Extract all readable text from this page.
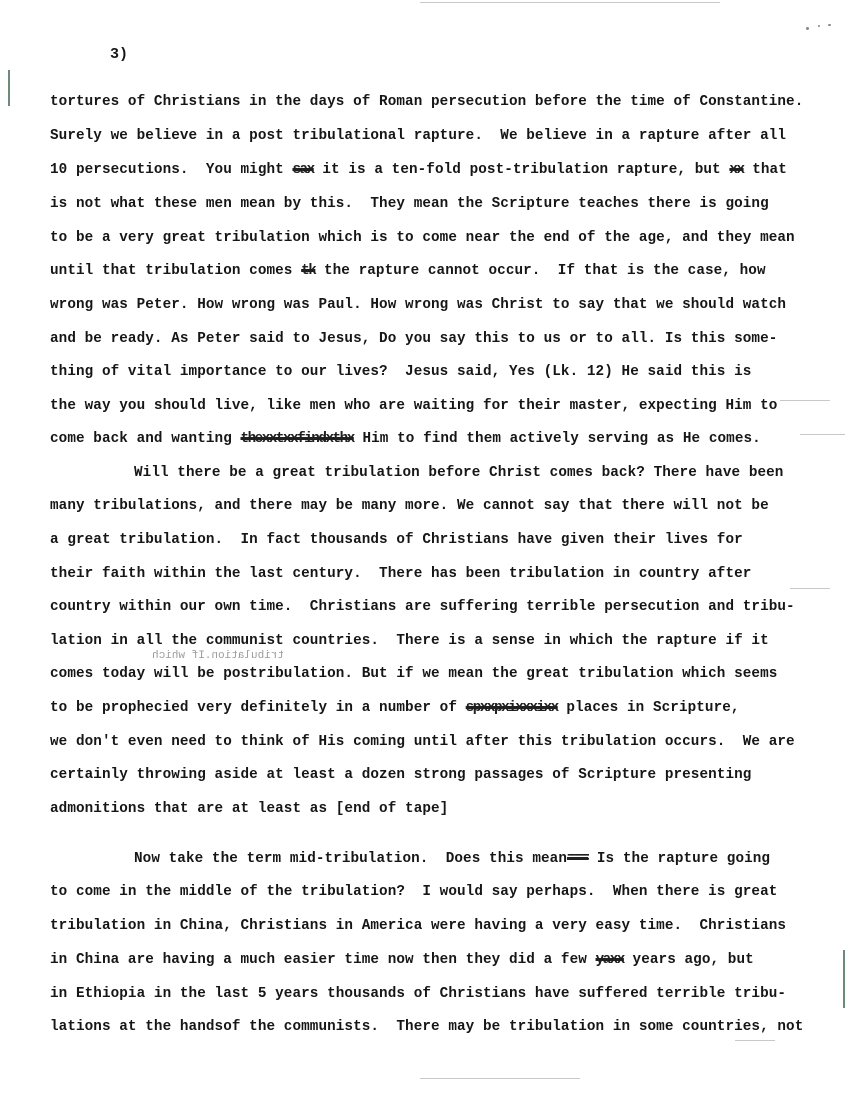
tribulation.If which
3)
tortures of Christians in the days of Roman persecution before the time of Constantine.
Surely we believe in a post tribulational rapture.  We believe in a rapture after all
10 persecutions.  You might sax it is a ten-fold post-tribulation rapture, but xx that
is not what these men mean by this.  They mean the Scripture teaches there is going
to be a very great tribulation which is to come near the end of the age, and they mean
until that tribulation comes tk the rapture cannot occur.  If that is the case, how
wrong was Peter. How wrong was Paul. How wrong was Christ to say that we should watch
and be ready. As Peter said to Jesus, Do you say this to us or to all. Is this some-
thing of vital importance to our lives?  Jesus said, Yes (Lk. 12) He said this is
the way you should live, like men who are waiting for their master, expecting Him to
come back and wanting thexxtxxfindxthx Him to find them actively serving as He comes.
Will there be a great tribulation before Christ comes back? There have been
many tribulations, and there may be many more. We cannot say that there will not be
a great tribulation.  In fact thousands of Christians have given their lives for
their faith within the last century.  There has been tribulation in country after
country within our own time.  Christians are suffering terrible persecution and tribu-
lation in all the communist countries.  There is a sense in which the rapture if it
comes today will be postribulation. But if we mean the great tribulation which seems
to be prophecied very definitely in a number of spxxpxixxxixx places in Scripture,
we don't even need to think of His coming until after this tribulation occurs.  We are
certainly throwing aside at least a dozen strong passages of Scripture presenting
admonitions that are at least as [end of tape]
Now take the term mid-tribulation.  Does this mean=== Is the rapture going
to come in the middle of the tribulation?  I would say perhaps.  When there is great
tribulation in China, Christians in America were having a very easy time.  Christians
in China are having a much easier time now then they did a few yaxx years ago, but
in Ethiopia in the last 5 years thousands of Christians have suffered terrible tribu-
lations at the handsof the communists.  There may be tribulation in some countries, not
